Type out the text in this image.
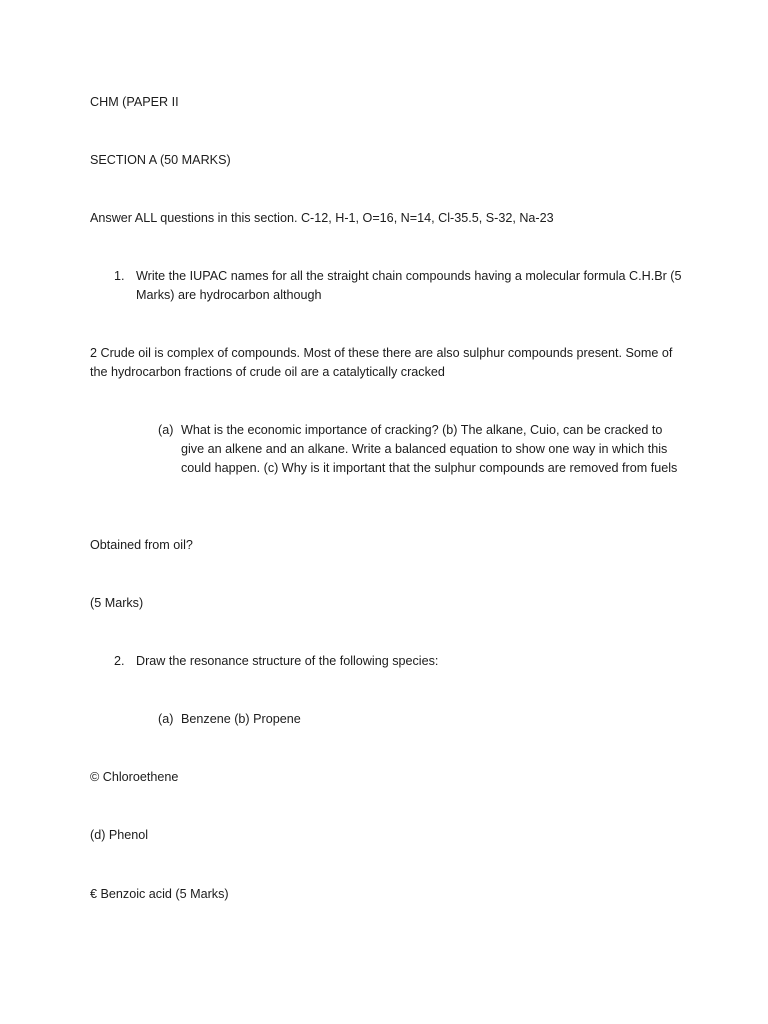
CHM (PAPER II

SECTION A (50 MARKS)

Answer ALL questions in this section. C-12, H-1, O=16, N=14, Cl-35.5, S-32, Na-23

1. Write the IUPAC names for all the straight chain compounds having a molecular formula C.H.Br (5 Marks) are hydrocarbon although

2 Crude oil is complex of compounds. Most of these there are also sulphur compounds present. Some of the hydrocarbon fractions of crude oil are a catalytically cracked

(a) What is the economic importance of cracking? (b) The alkane, Cuio, can be cracked to give an alkene and an alkane. Write a balanced equation to show one way in which this could happen. (c) Why is it important that the sulphur compounds are removed from fuels

Obtained from oil?

(5 Marks)

2. Draw the resonance structure of the following species:
(a) Benzene (b) Propene

© Chloroethene

(d) Phenol

€ Benzoic acid (5 Marks)
